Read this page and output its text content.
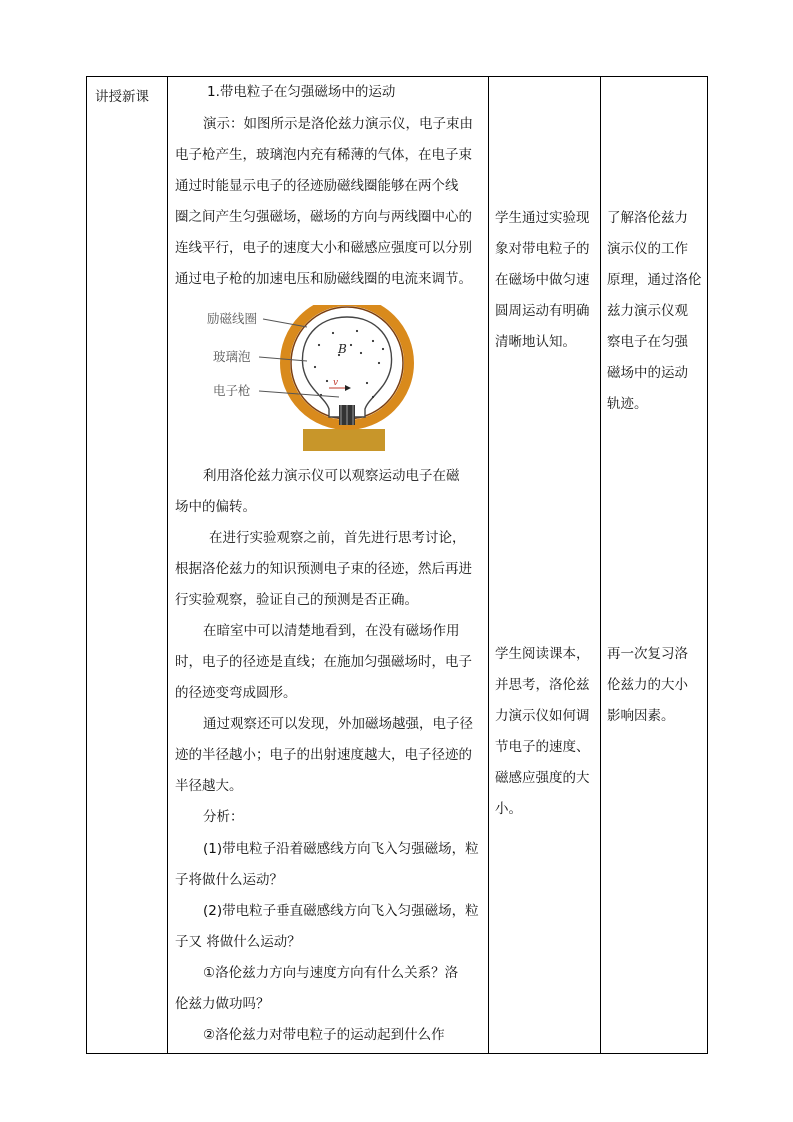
讲授新课	1.带电粒子在匀强磁场中的运动
演示：如图所示是洛伦兹力演示仪，电子束由
电子枪产生，玻璃泡内充有稀薄的气体，在电子束
通过时能显示电子的径迹励磁线圈能够在两个线
圈之间产生匀强磁场，磁场的方向与两线圈中心的
连线平行，电子的速度大小和磁感应强度可以分别
通过电子枪的加速电压和励磁线圈的电流来调节。
B
v
励磁线圈
玻璃泡
电子枪
利用洛伦兹力演示仪可以观察运动电子在磁
场中的偏转。
在进行实验观察之前，首先进行思考讨论，
根据洛伦兹力的知识预测电子束的径迹，然后再进
行实验观察，验证自己的预测是否正确。
在暗室中可以清楚地看到，在没有磁场作用
时，电子的径迹是直线；在施加匀强磁场时，电子
的径迹变弯成圆形。
通过观察还可以发现，外加磁场越强，电子径
迹的半径越小；电子的出射速度越大，电子径迹的
半径越大。
分析：
(1)带电粒子沿着磁感线方向飞入匀强磁场，粒
子将做什么运动？
(2)带电粒子垂直磁感线方向飞入匀强磁场，粒
子又 将做什么运动？
①洛伦兹力方向与速度方向有什么关系？洛
伦兹力做功吗？
②洛伦兹力对带电粒子的运动起到什么作
学生通过实验现
象对带电粒子的
在磁场中做匀速
圆周运动有明确
清晰地认知。
了解洛伦兹力
演示仪的工作
原理，通过洛伦
兹力演示仪观
察电子在匀强
磁场中的运动
轨迹。
学生阅读课本，
并思考，洛伦兹
力演示仪如何调
节电子的速度、
磁感应强度的大
小。
再一次复习洛
伦兹力的大小
影响因素。
